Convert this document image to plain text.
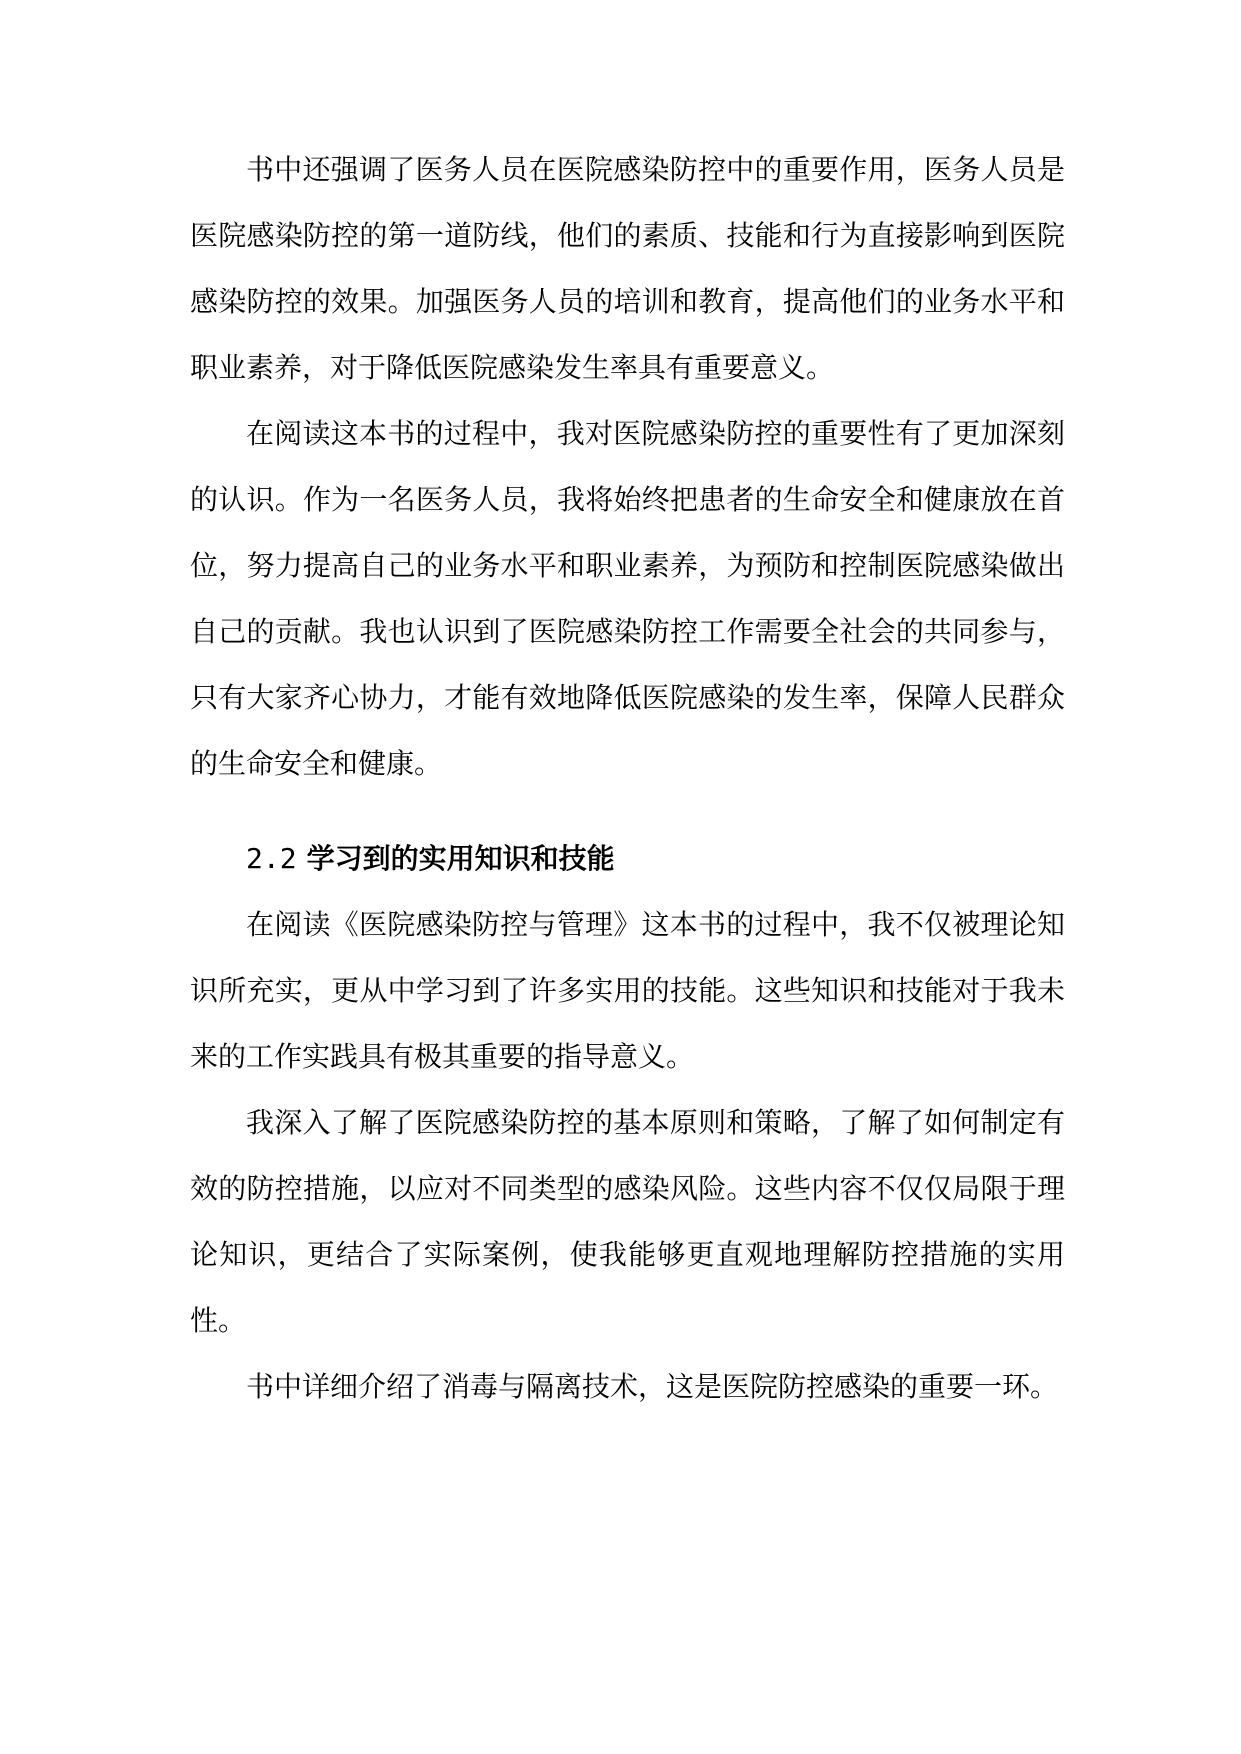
书中还强调了医务人员在医院感染防控中的重要作用，医务人员是医院感染防控的第一道防线，他们的素质、技能和行为直接影响到医院感染防控的效果。加强医务人员的培训和教育，提高他们的业务水平和职业素养，对于降低医院感染发生率具有重要意义。

在阅读这本书的过程中，我对医院感染防控的重要性有了更加深刻的认识。作为一名医务人员，我将始终把患者的生命安全和健康放在首位，努力提高自己的业务水平和职业素养，为预防和控制医院感染做出自己的贡献。我也认识到了医院感染防控工作需要全社会的共同参与，只有大家齐心协力，才能有效地降低医院感染的发生率，保障人民群众的生命安全和健康。

2.2 学习到的实用知识和技能

在阅读《医院感染防控与管理》这本书的过程中，我不仅被理论知识所充实，更从中学习到了许多实用的技能。这些知识和技能对于我未来的工作实践具有极其重要的指导意义。

我深入了解了医院感染防控的基本原则和策略，了解了如何制定有效的防控措施，以应对不同类型的感染风险。这些内容不仅仅局限于理论知识，更结合了实际案例，使我能够更直观地理解防控措施的实用性。

书中详细介绍了消毒与隔离技术，这是医院防控感染的重要一环。
